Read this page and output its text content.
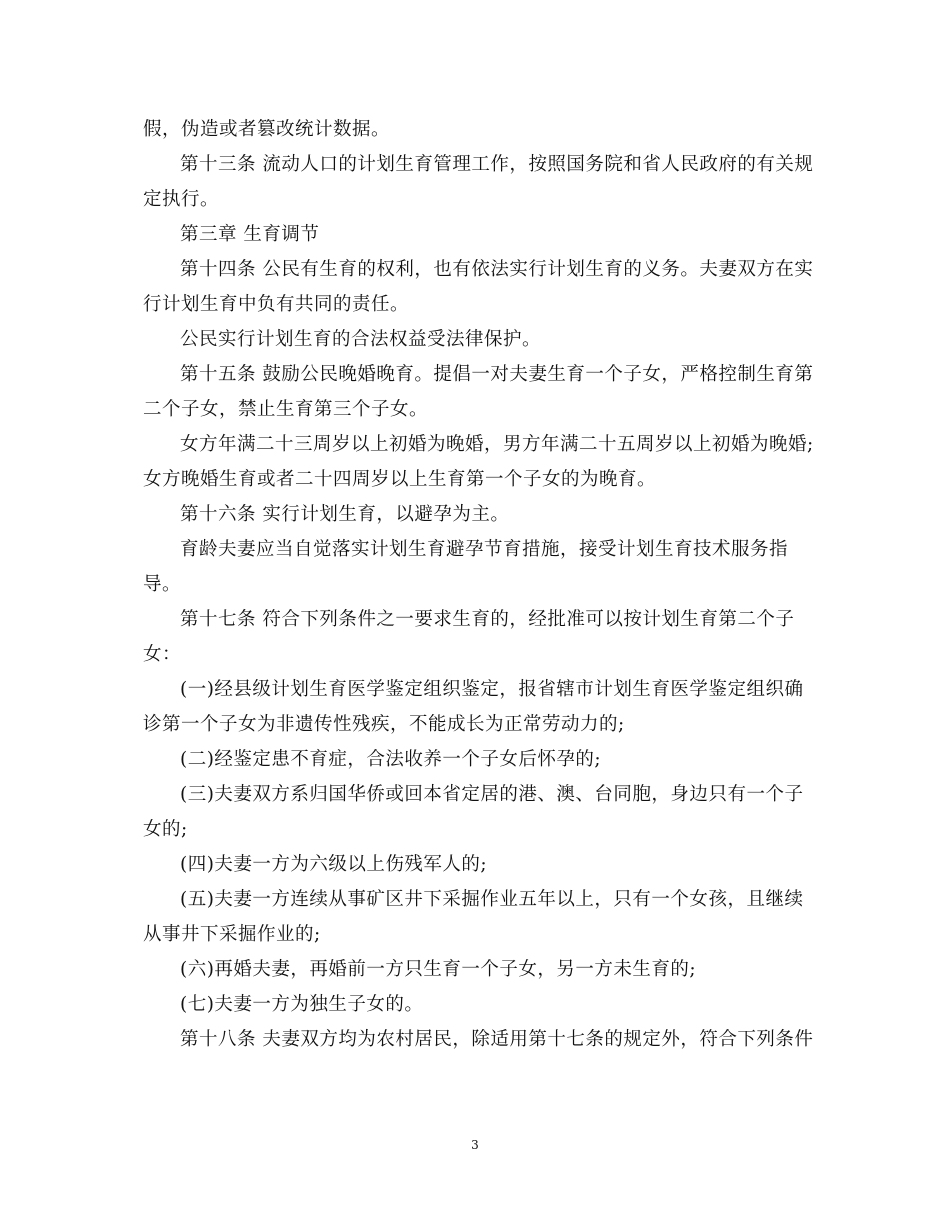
假，伪造或者篡改统计数据。
第十三条 流动人口的计划生育管理工作，按照国务院和省人民政府的有关规
定执行。
第三章 生育调节
第十四条 公民有生育的权利，也有依法实行计划生育的义务。夫妻双方在实
行计划生育中负有共同的责任。
公民实行计划生育的合法权益受法律保护。
第十五条 鼓励公民晚婚晚育。提倡一对夫妻生育一个子女，严格控制生育第
二个子女，禁止生育第三个子女。
女方年满二十三周岁以上初婚为晚婚，男方年满二十五周岁以上初婚为晚婚;
女方晚婚生育或者二十四周岁以上生育第一个子女的为晚育。
第十六条 实行计划生育，以避孕为主。
育龄夫妻应当自觉落实计划生育避孕节育措施，接受计划生育技术服务指
导。
第十七条 符合下列条件之一要求生育的，经批准可以按计划生育第二个子
女：
(一)经县级计划生育医学鉴定组织鉴定，报省辖市计划生育医学鉴定组织确
诊第一个子女为非遗传性残疾，不能成长为正常劳动力的;
(二)经鉴定患不育症，合法收养一个子女后怀孕的;
(三)夫妻双方系归国华侨或回本省定居的港、澳、台同胞，身边只有一个子
女的;
(四)夫妻一方为六级以上伤残军人的;
(五)夫妻一方连续从事矿区井下采掘作业五年以上，只有一个女孩，且继续
从事井下采掘作业的;
(六)再婚夫妻，再婚前一方只生育一个子女，另一方未生育的;
(七)夫妻一方为独生子女的。
第十八条 夫妻双方均为农村居民，除适用第十七条的规定外，符合下列条件
3
